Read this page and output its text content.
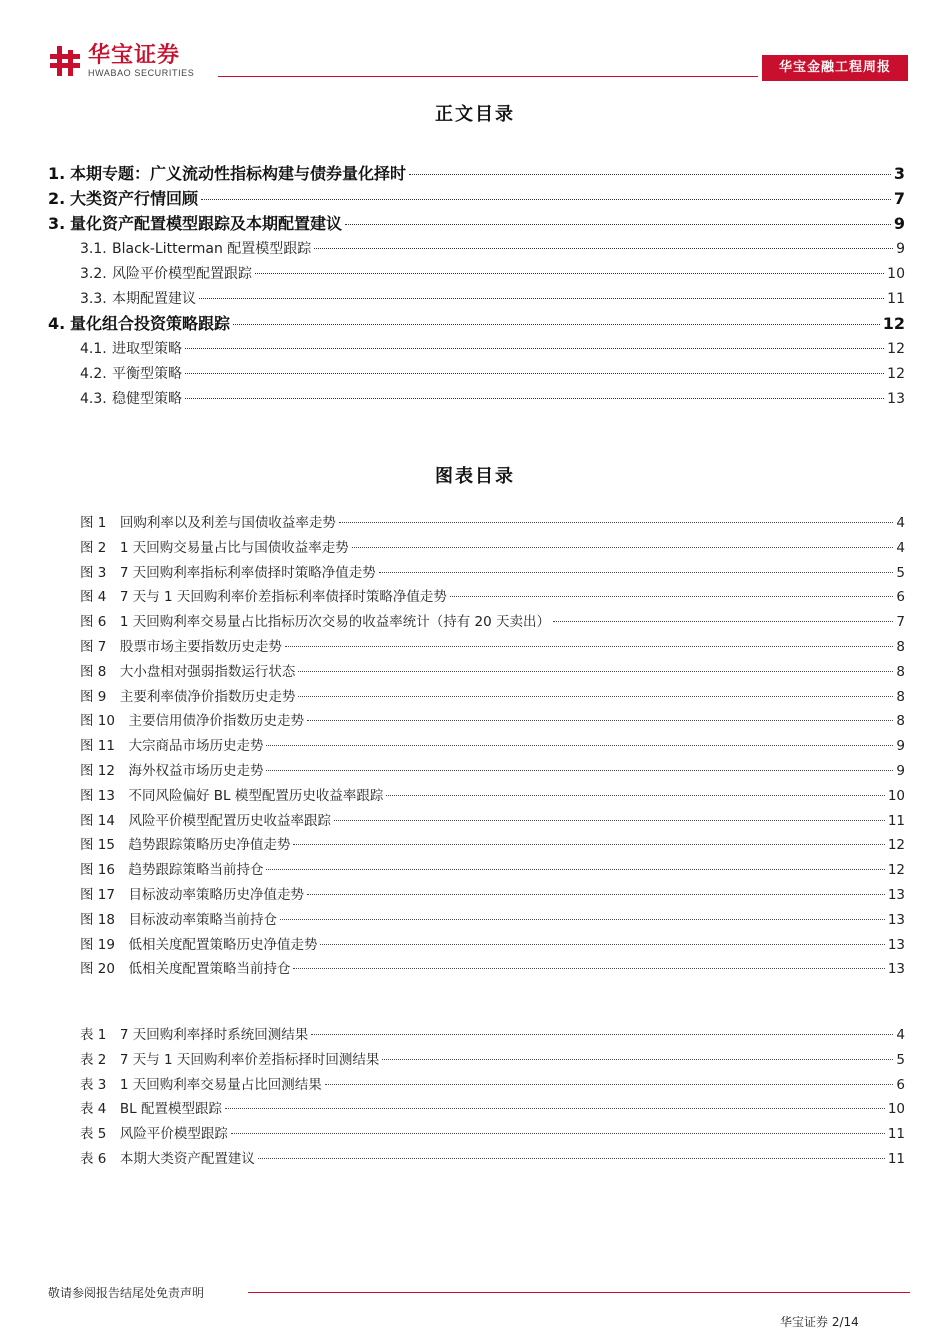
华宝证券
HWABAO SECURITIES	华宝金融工程周报
正文目录
1. 本期专题：广义流动性指标构建与债券量化择时	3
2. 大类资产行情回顾	7
3. 量化资产配置模型跟踪及本期配置建议	9
3.1. Black-Litterman 配置模型跟踪	9
3.2. 风险平价模型配置跟踪	10
3.3. 本期配置建议	11
4. 量化组合投资策略跟踪	12
4.1. 进取型策略	12
4.2. 平衡型策略	12
4.3. 稳健型策略	13
图表目录
图 1　回购利率以及利差与国债收益率走势	4
图 2　1 天回购交易量占比与国债收益率走势	4
图 3　7 天回购利率指标利率债择时策略净值走势	5
图 4　7 天与 1 天回购利率价差指标利率债择时策略净值走势	6
图 6　1 天回购利率交易量占比指标历次交易的收益率统计（持有 20 天卖出）	7
图 7　股票市场主要指数历史走势	8
图 8　大小盘相对强弱指数运行状态	8
图 9　主要利率债净价指数历史走势	8
图 10　主要信用债净价指数历史走势	8
图 11　大宗商品市场历史走势	9
图 12　海外权益市场历史走势	9
图 13　不同风险偏好 BL 模型配置历史收益率跟踪	10
图 14　风险平价模型配置历史收益率跟踪	11
图 15　趋势跟踪策略历史净值走势	12
图 16　趋势跟踪策略当前持仓	12
图 17　目标波动率策略历史净值走势	13
图 18　目标波动率策略当前持仓	13
图 19　低相关度配置策略历史净值走势	13
图 20　低相关度配置策略当前持仓	13
表 1　7 天回购利率择时系统回测结果	4
表 2　7 天与 1 天回购利率价差指标择时回测结果	5
表 3　1 天回购利率交易量占比回测结果	6
表 4　BL 配置模型跟踪	10
表 5　风险平价模型跟踪	11
表 6　本期大类资产配置建议	11
敬请参阅报告结尾处免责声明
华宝证券 2/14
